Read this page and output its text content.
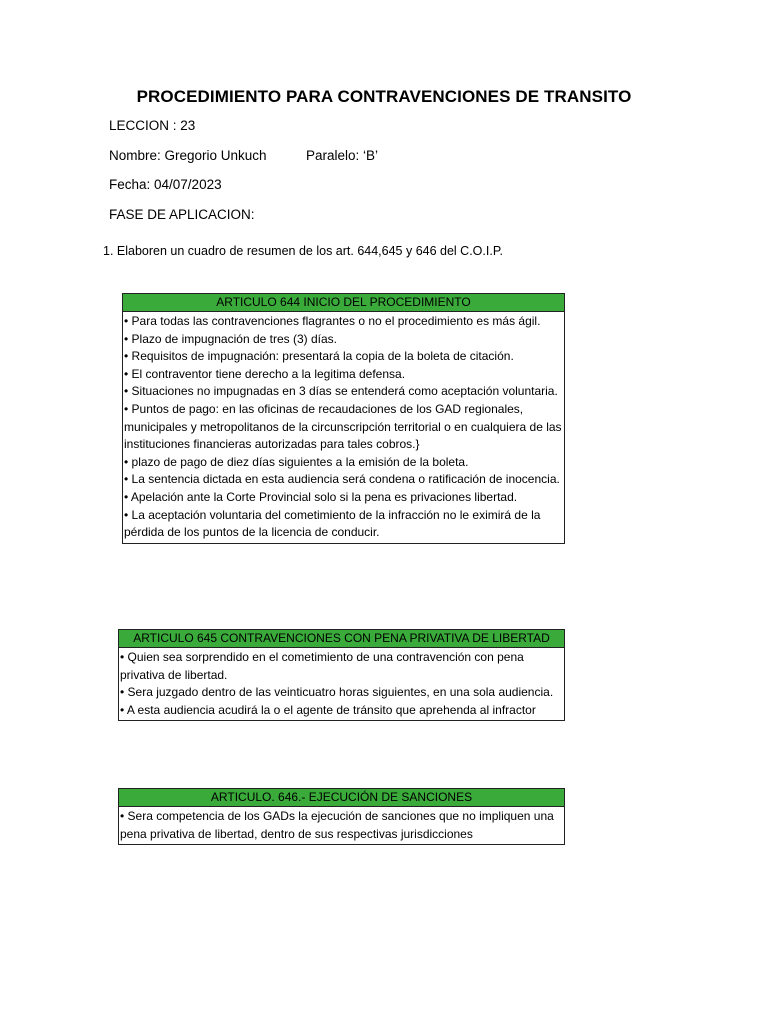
PROCEDIMIENTO PARA CONTRAVENCIONES DE TRANSITO
LECCION : 23
Nombre: Gregorio Unkuch	Paralelo: ‘B’
Fecha: 04/07/2023
FASE DE APLICACION:
1. Elaboren un cuadro de resumen de los art. 644,645 y 646 del C.O.I.P.
ARTICULO 644 INICIO DEL PROCEDIMIENTO

• Para todas las contravenciones flagrantes o no el procedimiento es más ágil.

• Plazo de impugnación de tres (3) días.

• Requisitos de impugnación: presentará la copia de la boleta de citación.

• El contraventor tiene derecho a la legitima defensa.

• Situaciones no impugnadas en 3 días se entenderá como aceptación voluntaria.

• Puntos de pago: en las oficinas de recaudaciones de los GAD regionales, municipales y metropolitanos de la circunscripción territorial o en cualquiera de las instituciones financieras autorizadas para tales cobros.}

• plazo de pago de diez días siguientes a la emisión de la boleta.

• La sentencia dictada en esta audiencia será condena o ratificación de inocencia.

• Apelación ante la Corte Provincial solo si la pena es privaciones libertad.

• La aceptación voluntaria del cometimiento de la infracción no le eximirá de la pérdida de los puntos de la licencia de conducir.

ARTICULO 645 CONTRAVENCIONES CON PENA PRIVATIVA DE LIBERTAD

• Quien sea sorprendido en el cometimiento de una contravención con pena privativa de libertad.

• Sera juzgado dentro de las veinticuatro horas siguientes, en una sola audiencia.

• A esta audiencia acudirá la o el agente de tránsito que aprehenda al infractor

ARTICULO. 646.- EJECUCIÓN DE SANCIONES

• Sera competencia de los GADs la ejecución de sanciones que no impliquen una pena privativa de libertad, dentro de sus respectivas jurisdicciones
